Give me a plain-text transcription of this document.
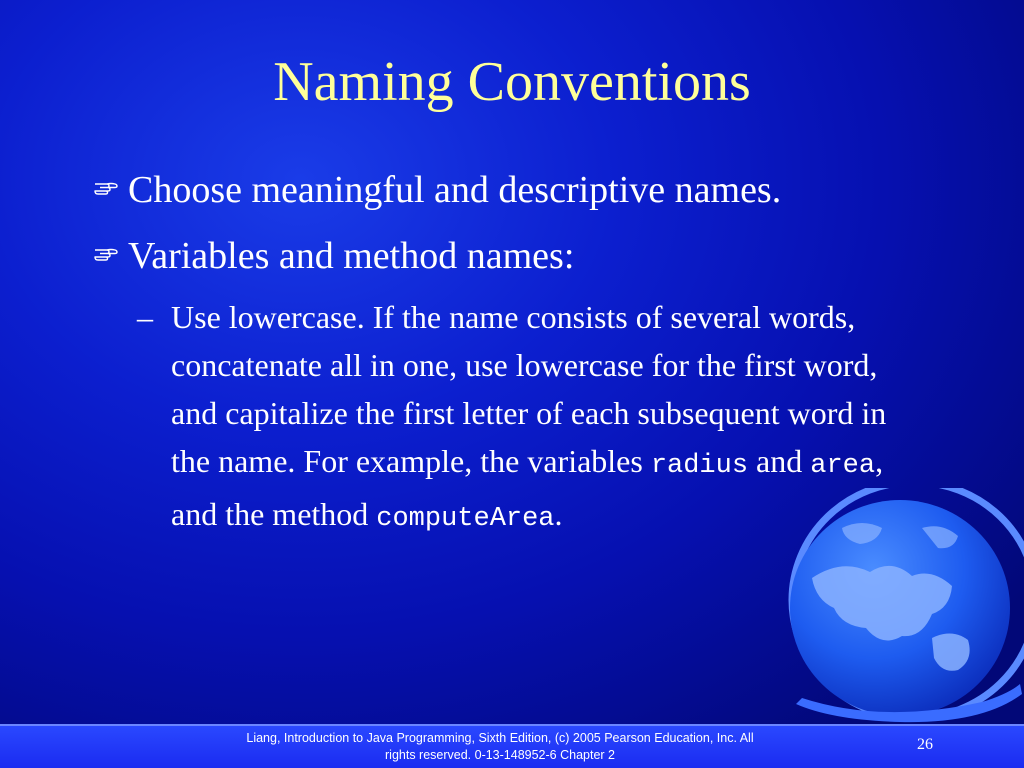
Naming Conventions
Choose meaningful and descriptive names.
Variables and method names:
– Use lowercase. If the name consists of several words, concatenate all in one, use lowercase for the first word, and capitalize the first letter of each subsequent word in the name. For example, the variables radius and area, and the method computeArea.
Liang, Introduction to Java Programming, Sixth Edition, (c) 2005 Pearson Education, Inc. All
rights reserved. 0-13-148952-6 Chapter 2
26
